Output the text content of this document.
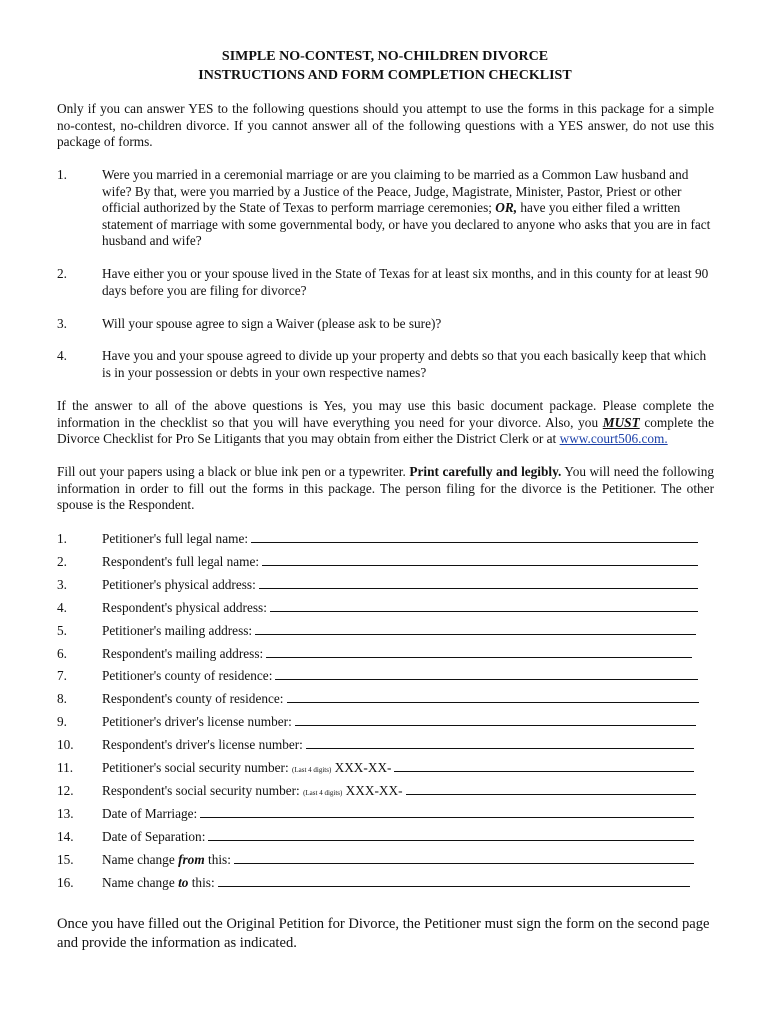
SIMPLE NO-CONTEST, NO-CHILDREN DIVORCE
INSTRUCTIONS AND FORM COMPLETION CHECKLIST
Only if you can answer YES to the following questions should you attempt to use the forms in this package for a simple no-contest, no-children divorce. If you cannot answer all of the following questions with a YES answer, do not use this package of forms.
1.	Were you married in a ceremonial marriage or are you claiming to be married as a Common Law husband and wife? By that, were you married by a Justice of the Peace, Judge, Magistrate, Minister, Pastor, Priest or other official authorized by the State of Texas to perform marriage ceremonies; OR, have you either filed a written statement of marriage with some governmental body, or have you declared to anyone who asks that you are in fact husband and wife?
2.	Have either you or your spouse lived in the State of Texas for at least six months, and in this county for at least 90 days before you are filing for divorce?
3.	Will your spouse agree to sign a Waiver (please ask to be sure)?
4.	Have you and your spouse agreed to divide up your property and debts so that you each basically keep that which is in your possession or debts in your own respective names?
If the answer to all of the above questions is Yes, you may use this basic document package. Please complete the information in the checklist so that you will have everything you need for your divorce. Also, you MUST complete the Divorce Checklist for Pro Se Litigants that you may obtain from either the District Clerk or at www.court506.com.
Fill out your papers using a black or blue ink pen or a typewriter. Print carefully and legibly. You will need the following information in order to fill out the forms in this package. The person filing for the divorce is the Petitioner. The other spouse is the Respondent.
1.	Petitioner's full legal name:
2.	Respondent's full legal name:
3.	Petitioner's physical address:
4.	Respondent's physical address:
5.	Petitioner's mailing address:
6.	Respondent's mailing address:
7.	Petitioner's county of residence:
8.	Respondent's county of residence:
9.	Petitioner's driver's license number:
10. Respondent's driver's license number:
11. Petitioner's social security number: (Last 4 digits) XXX-XX-
12. Respondent's social security number: (Last 4 digits) XXX-XX-
13. Date of Marriage:
14. Date of Separation:
15. Name change from this:
16. Name change to this:
Once you have filled out the Original Petition for Divorce, the Petitioner must sign the form on the second page and provide the information as indicated.
